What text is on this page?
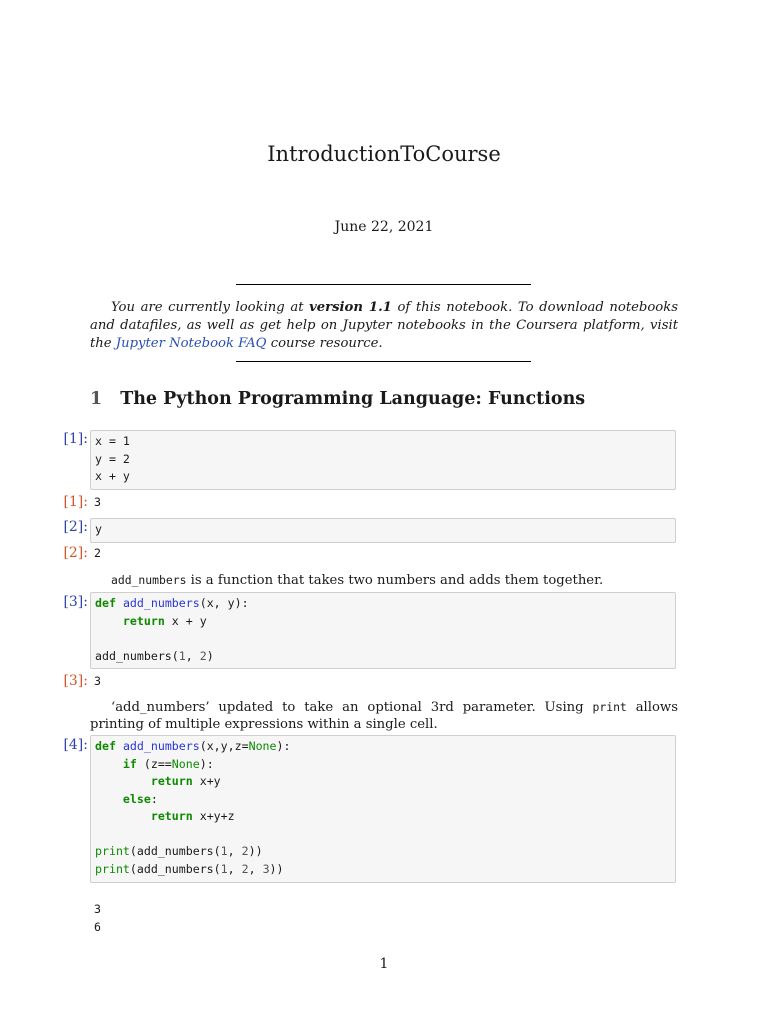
IntroductionToCourse
June 22, 2021
You are currently looking at version 1.1 of this notebook. To download notebooks and datafiles, as well as get help on Jupyter notebooks in the Coursera platform, visit the Jupyter Notebook FAQ course resource.
1 The Python Programming Language: Functions
[1]: x = 1
y = 2
x + y
[1]: 3
[2]: y
[2]: 2
add_numbers is a function that takes two numbers and adds them together.
[3]: def add_numbers(x, y):
return x + y

add_numbers(1, 2)
[3]: 3
‘add_numbers’ updated to take an optional 3rd parameter. Using print allows printing of multiple expressions within a single cell.
[4]: def add_numbers(x,y,z=None):
if (z==None):
return x+y
else:
return x+y+z

print(add_numbers(1, 2))
print(add_numbers(1, 2, 3))
3
6
1
